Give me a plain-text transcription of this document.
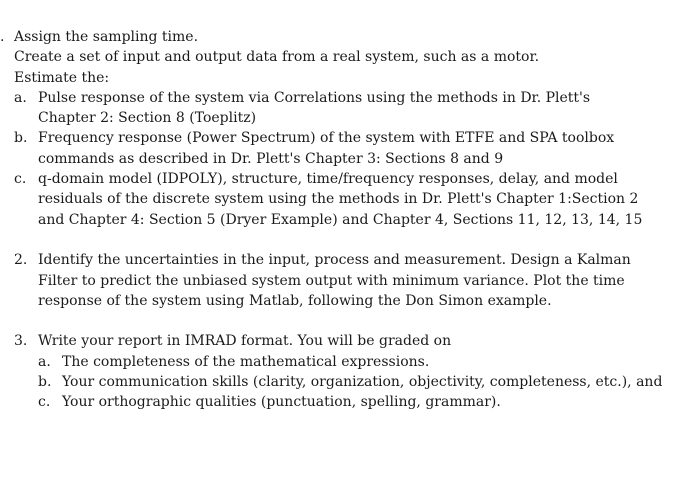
. Assign the sampling time.
Create a set of input and output data from a real system, such as a motor.
Estimate the:
a. Pulse response of the system via Correlations using the methods in Dr. Plett's
Chapter 2: Section 8 (Toeplitz)
b. Frequency response (Power Spectrum) of the system with ETFE and SPA toolbox
commands as described in Dr. Plett's Chapter 3: Sections 8 and 9
c. q-domain model (IDPOLY), structure, time/frequency responses, delay, and model
residuals of the discrete system using the methods in Dr. Plett's Chapter 1:Section 2
and Chapter 4: Section 5 (Dryer Example) and Chapter 4, Sections 11, 12, 13, 14, 15
2. Identify the uncertainties in the input, process and measurement. Design a Kalman
Filter to predict the unbiased system output with minimum variance. Plot the time
response of the system using Matlab, following the Don Simon example.
3. Write your report in IMRAD format. You will be graded on
a. The completeness of the mathematical expressions.
b. Your communication skills (clarity, organization, objectivity, completeness, etc.), and
c. Your orthographic qualities (punctuation, spelling, grammar).
